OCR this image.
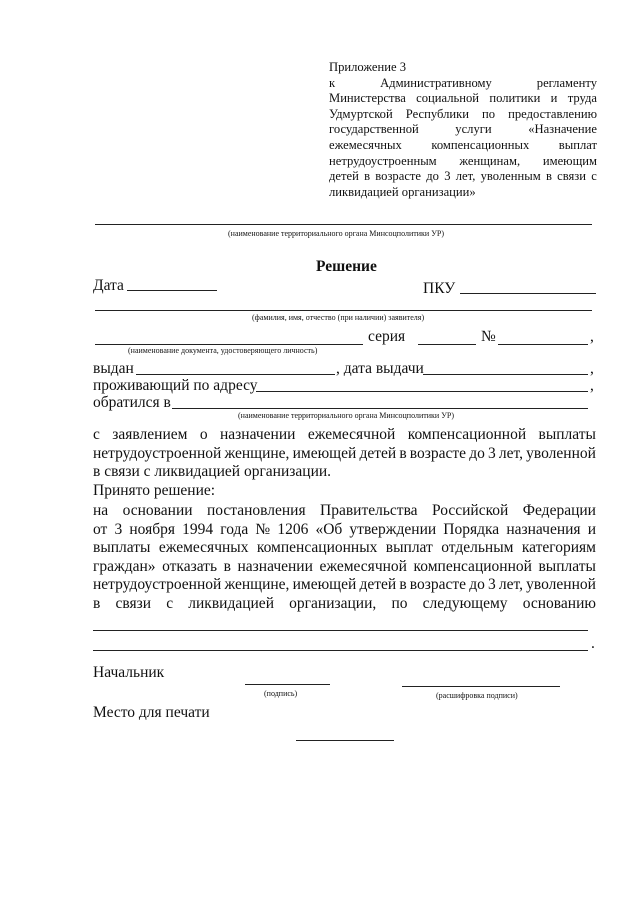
Приложение 3
к	Административному	регламенту
Министерства социальной политики и труда
Удмуртской Республики по предоставлению
государственной	услуги	«Назначение
ежемесячных компенсационных выплат
нетрудоустроенным женщинам, имеющим
детей в возрасте до 3 лет, уволенным в связи с
ликвидацией организации»
(наименование территориального органа Минсоцполитики УР)
Решение
Дата	ПКУ
(фамилия, имя, отчество (при наличии) заявителя)
серия	№	,
(наименование документа, удостоверяющего личность)
выдан	, дата выдачи	,
проживающий по адресу	,
обратился в
(наименование территориального органа Минсоцполитики УР)
с заявлением о назначении ежемесячной компенсационной выплаты
нетрудоустроенной женщине, имеющей детей в возрасте до 3 лет, уволенной
в связи с ликвидацией организации.
Принято решение:
на основании постановления Правительства Российской Федерации
от 3 ноября 1994 года № 1206 «Об утверждении Порядка назначения и
выплаты ежемесячных компенсационных выплат отдельным категориям
граждан» отказать в назначении ежемесячной компенсационной выплаты
нетрудоустроенной женщине, имеющей детей в возрасте до 3 лет, уволенной
в связи с ликвидацией организации, по следующему основанию
.
Начальник
(подпись)	(расшифровка подписи)
Место для печати
